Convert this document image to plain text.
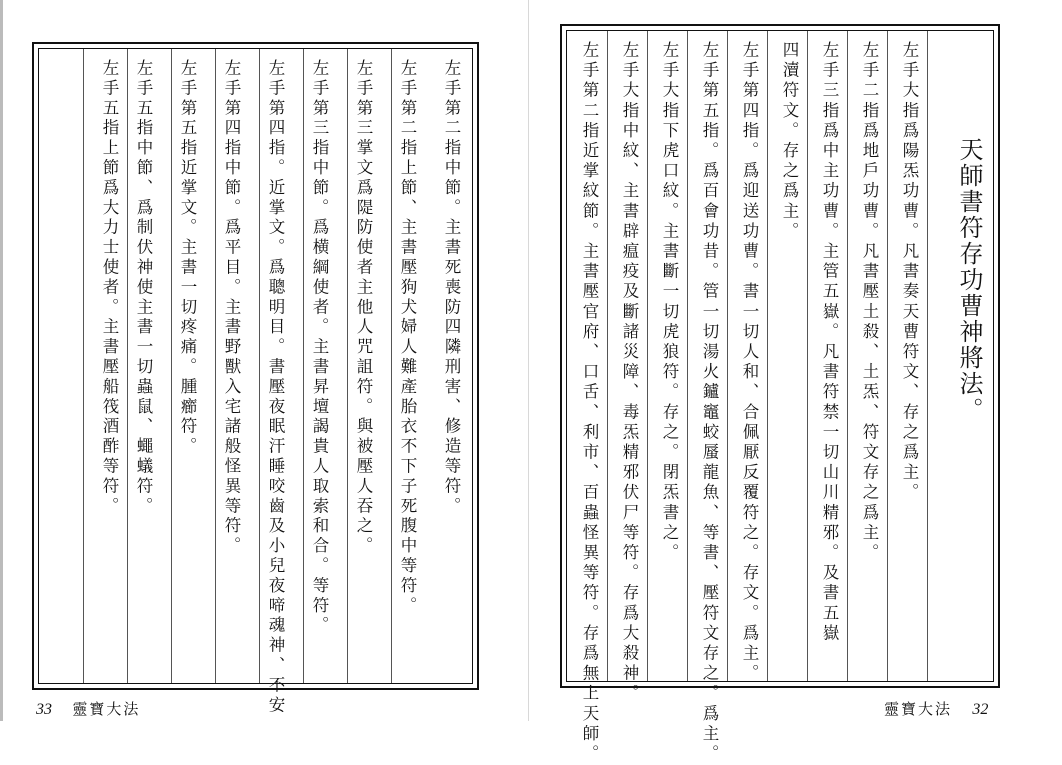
左手第二指中節。主書死喪防四隣刑害、修造等符。
左手第二指上節、主書壓狗犬婦人難產胎衣不下子死腹中等符。
左手第三掌文爲隄防使者主他人咒詛符。與被壓人吞之。
左手第三指中節。爲横綱使者。主書昇壇謁貴人取索和合。等符。
左手第四指。近掌文。爲聰明目。書壓夜眠汗睡咬齒及小兒夜啼魂神、不安
左手第四指中節。爲平目。主書野獸入宅諸般怪異等符。
左手第五指近掌文。主書一切疼痛。腫癤符。
左手五指中節、爲制伏神使主書一切蟲鼠、蠅蟻符。
左手五指上節爲大力士使者。主書壓船筏酒酢等符。
33 靈寶大法
天師書符存功曹神將法。
左手大指爲陽炁功曹。凡書奏天曹符文、存之爲主。
左手二指爲地戶功曹。凡書壓土殺、土炁、符文存之爲主。
左手三指爲中主功曹。主管五嶽。凡書符禁一切山川精邪。及書五嶽
四瀆符文。存之爲主。
左手第四指。爲迎送功曹。書一切人和、合佩厭反覆符之。存文。爲主。
左手第五指。爲百會功昔。管一切湯火鑪竈蛟蜃龍魚、等書、壓符文存之。爲主。
左手大指下虎口紋。主書斷一切虎狼符。存之。閉炁書之。
左手大指中紋、主書辟瘟疫及斷諸災障、毒炁精邪伏尸等符。存爲大殺神。
左手第二指近掌紋節。主書壓官府、口舌、利市、百蟲怪異等符。存爲無上天師。	靈寶大法 32
